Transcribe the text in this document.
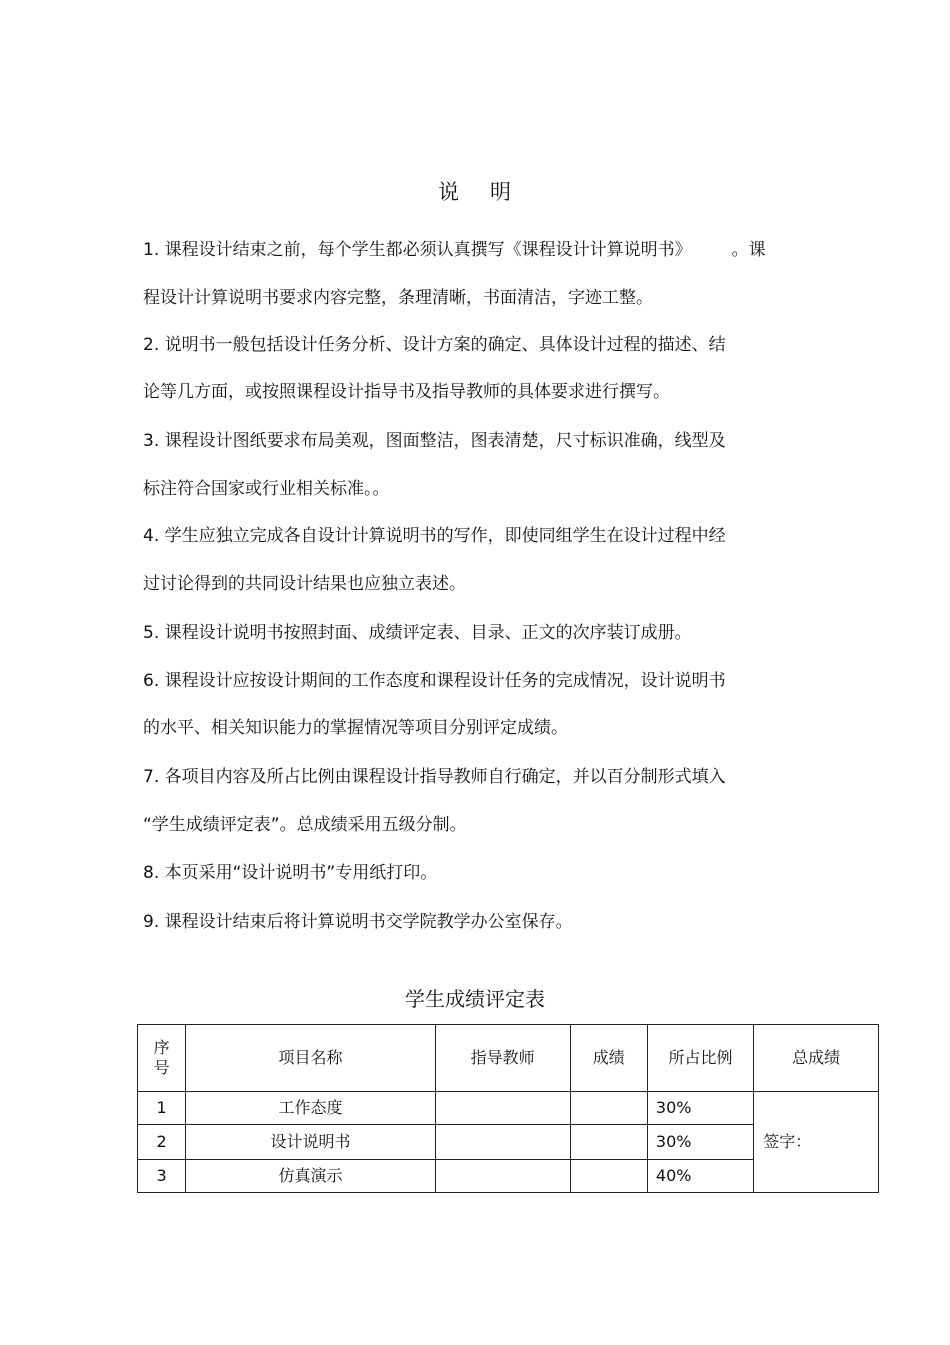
说 明
1. 课程设计结束之前，每个学生都必须认真撰写《课程设计计算说明书》 。课
程设计计算说明书要求内容完整，条理清晰，书面清洁，字迹工整。
2. 说明书一般包括设计任务分析、设计方案的确定、具体设计过程的描述、结
论等几方面，或按照课程设计指导书及指导教师的具体要求进行撰写。
3. 课程设计图纸要求布局美观，图面整洁，图表清楚，尺寸标识准确，线型及
标注符合国家或行业相关标准。。
4. 学生应独立完成各自设计计算说明书的写作，即使同组学生在设计过程中经
过讨论得到的共同设计结果也应独立表述。
5. 课程设计说明书按照封面、成绩评定表、目录、正文的次序装订成册。
6. 课程设计应按设计期间的工作态度和课程设计任务的完成情况，设计说明书
的水平、相关知识能力的掌握情况等项目分别评定成绩。
7. 各项目内容及所占比例由课程设计指导教师自行确定，并以百分制形式填入
“学生成绩评定表”。总成绩采用五级分制。
8. 本页采用“设计说明书”专用纸打印。
9. 课程设计结束后将计算说明书交学院教学办公室保存。
学生成绩评定表
序
号	项目名称	指导教师	成绩	所占比例	总成绩
1	工作态度			30%	签字：
2	设计说明书			30%	
3	仿真演示			40%	
